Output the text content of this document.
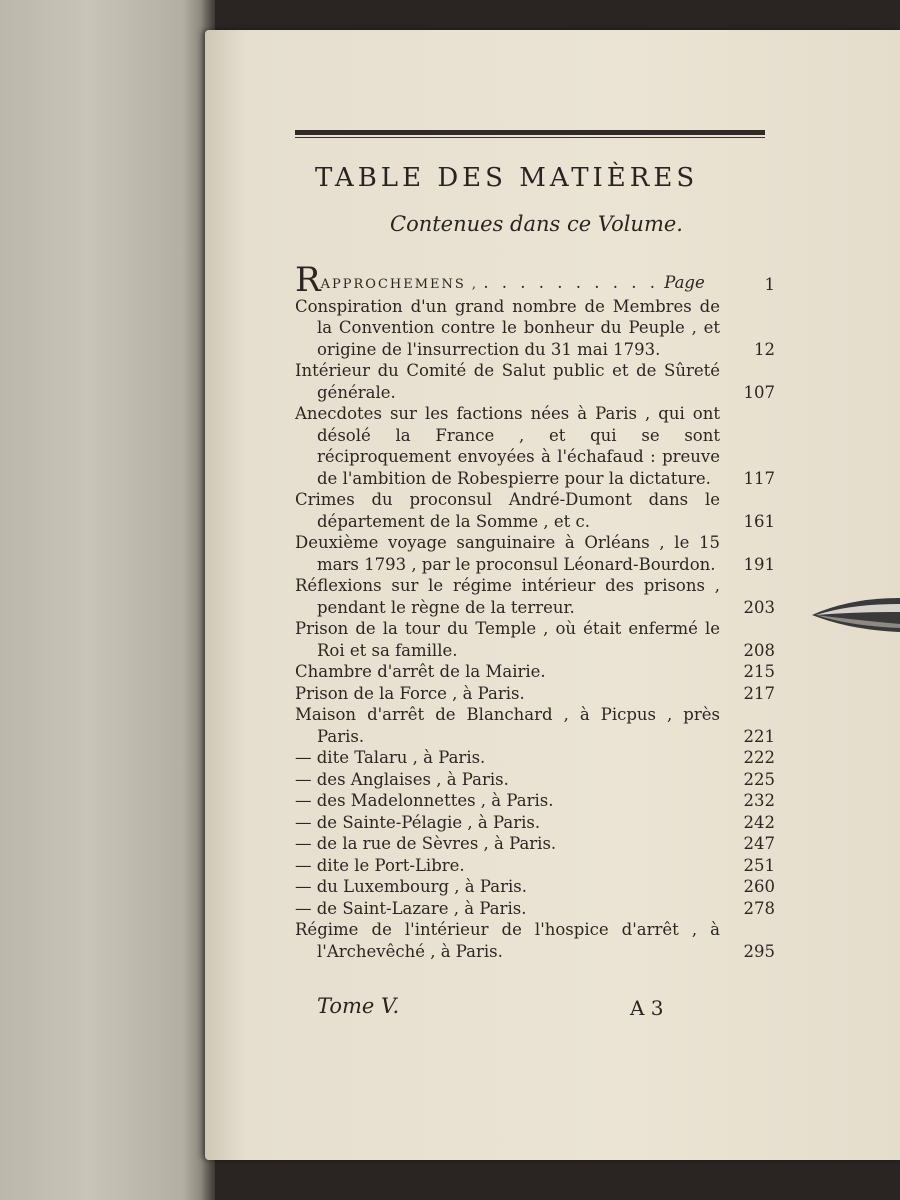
TABLE DES MATIÈRES
Contenues dans ce Volume.
RAPPROCHEMENS , . . . . . . . . . . Page	1
Conspiration d'un grand nombre de Membres de la Convention contre le bonheur du Peuple , et origine de l'insurrection du 31 mai 1793.	12
Intérieur du Comité de Salut public et de Sûreté générale.	107
Anecdotes sur les factions nées à Paris , qui ont désolé la France , et qui se sont réciproquement envoyées à l'échafaud : preuve de l'ambition de Robespierre pour la dictature.	117
Crimes du proconsul André-Dumont dans le département de la Somme , et c.	161
Deuxième voyage sanguinaire à Orléans , le 15 mars 1793 , par le proconsul Léonard-Bourdon.	191
Réflexions sur le régime intérieur des prisons , pendant le règne de la terreur.	203
Prison de la tour du Temple , où était enfermé le Roi et sa famille.	208
Chambre d'arrêt de la Mairie.	215
Prison de la Force , à Paris.	217
Maison d'arrêt de Blanchard , à Picpus , près Paris.	221
— dite Talaru , à Paris.	222
— des Anglaises , à Paris.	225
— des Madelonnettes , à Paris.	232
— de Sainte-Pélagie , à Paris.	242
— de la rue de Sèvres , à Paris.	247
— dite le Port-Libre.	251
— du Luxembourg , à Paris.	260
— de Saint-Lazare , à Paris.	278
Régime de l'intérieur de l'hospice d'arrêt , à l'Archevêché , à Paris.	295
Tome V.	A 3
